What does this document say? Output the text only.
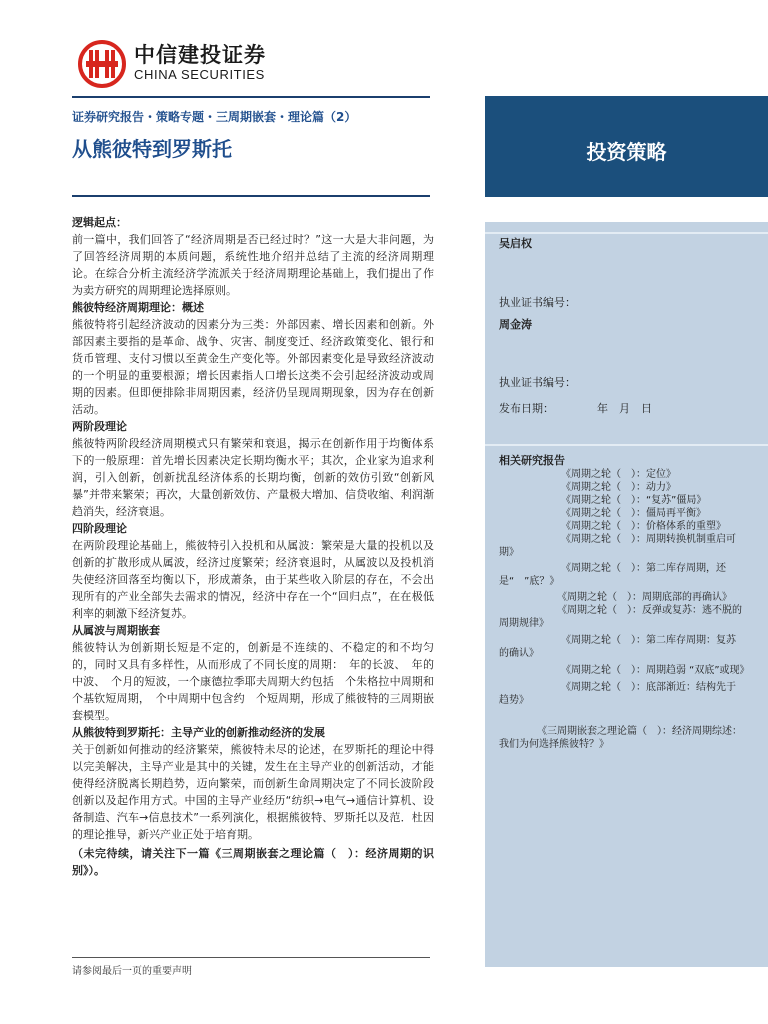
中信建投证券
CHINA SECURITIES
证券研究报告・策略专题・三周期嵌套・理论篇（2）
从熊彼特到罗斯托	投资策略
吴启权
执业证书编号：
周金涛
执业证书编号：
发布日期：	年　月　日
相关研究报告
《周期之轮（　）：定位》
《周期之轮（　）：动力》
《周期之轮（　）：“复苏”僵局》
《周期之轮（　）：僵局再平衡》
《周期之轮（　）：价格体系的重塑》
《周期之轮（　）：周期转换机制重启可期》
《周期之轮（　）：第二库存周期，还是“　”底？》
《周期之轮（　）：周期底部的再确认》
《周期之轮（　）：反弹或复苏：逃不脱的周期规律》
《周期之轮（　）：第二库存周期：复苏的确认》
《周期之轮（　）：周期趋弱 “双底”或现》
《周期之轮（　）：底部渐近：结构先于趋势》
《三周期嵌套之理论篇（　）：经济周期综述：我们为何选择熊彼特？》

逻辑起点：

前一篇中，我们回答了“经济周期是否已经过时？”这一大是大非问题，为了回答经济周期的本质问题，系统性地介绍并总结了主流的经济周期理论。在综合分析主流经济学流派关于经济周期理论基础上，我们提出了作为卖方研究的周期理论选择原则。

熊彼特经济周期理论：概述

熊彼特将引起经济波动的因素分为三类：外部因素、增长因素和创新。外部因素主要指的是革命、战争、灾害、制度变迁、经济政策变化、银行和货币管理、支付习惯以至黄金生产变化等。外部因素变化是导致经济波动的一个明显的重要根源；增长因素指人口增长这类不会引起经济波动或周期的因素。但即便排除非周期因素，经济仍呈现周期现象，因为存在创新活动。

两阶段理论

熊彼特两阶段经济周期模式只有繁荣和衰退，揭示在创新作用于均衡体系下的一般原理：首先增长因素决定长期均衡水平；其次，企业家为追求利润，引入创新，创新扰乱经济体系的长期均衡，创新的效仿引致“创新风暴”并带来繁荣；再次，大量创新效仿、产量极大增加、信贷收缩、利润渐趋消失，经济衰退。

四阶段理论

在两阶段理论基础上，熊彼特引入投机和从属波：繁荣是大量的投机以及创新的扩散形成从属波，经济过度繁荣；经济衰退时，从属波以及投机消失使经济回落至均衡以下，形成萧条，由于某些收入阶层的存在，不会出现所有的产业全部失去需求的情况，经济中存在一个“回归点”，在在极低利率的刺激下经济复苏。

从属波与周期嵌套

熊彼特认为创新期长短是不定的，创新是不连续的、不稳定的和不均匀的，同时又具有多样性，从而形成了不同长度的周期：　年的长波、　年的中波、　个月的短波，一个康德拉季耶夫周期大约包括　个朱格拉中周期和　个基钦短周期，　个中周期中包含约　个短周期，形成了熊彼特的三周期嵌套模型。

从熊彼特到罗斯托：主导产业的创新推动经济的发展

关于创新如何推动的经济繁荣，熊彼特未尽的论述，在罗斯托的理论中得以完美解决，主导产业是其中的关键，发生在主导产业的创新活动，才能使得经济脱离长期趋势，迈向繁荣，而创新生命周期决定了不同长波阶段创新以及起作用方式。中国的主导产业经历“纺织→电气→通信计算机、设备制造、汽车→信息技术”一系列演化，根据熊彼特、罗斯托以及范．杜因的理论推导，新兴产业正处于培育期。

（未完待续，请关注下一篇《三周期嵌套之理论篇（　）：经济周期的识别》）。

请参阅最后一页的重要声明
